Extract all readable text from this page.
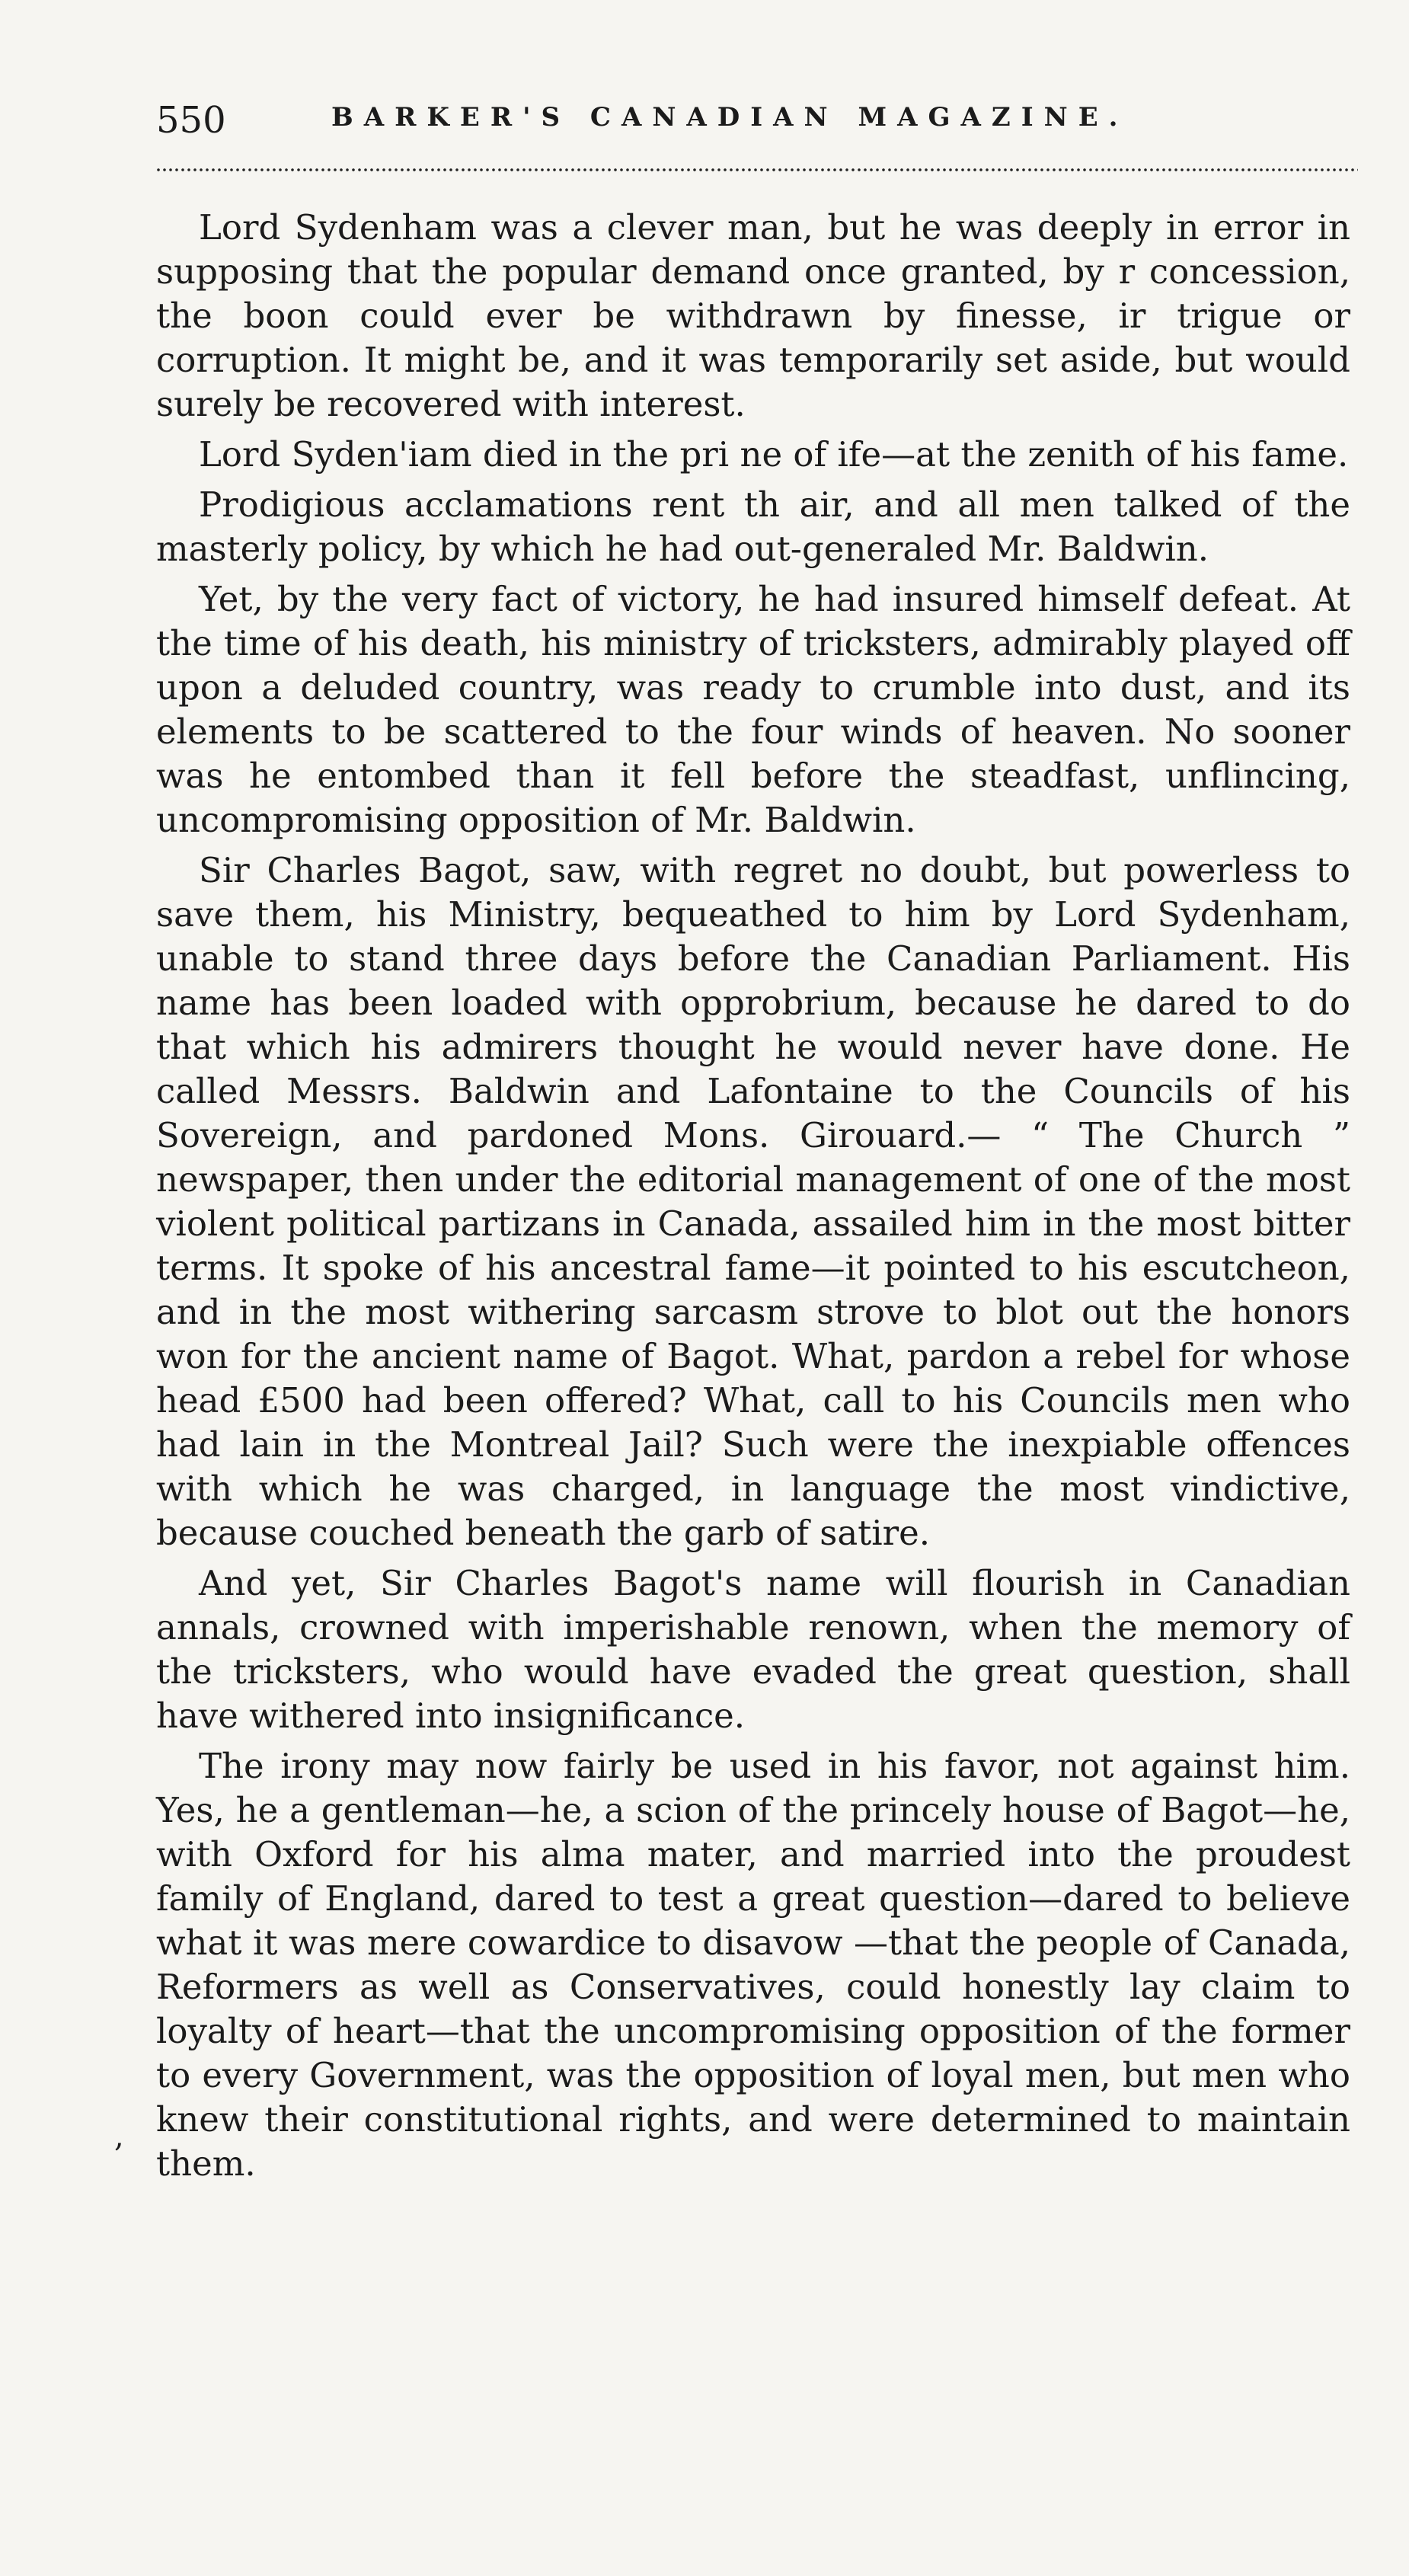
550	BARKER'S CANADIAN MAGAZINE.

Lord Sydenham was a clever man, but he was deeply in error in supposing that the popular demand once granted, by r concession, the boon could ever be withdrawn by finesse, ir trigue or corruption. It might be, and it was temporarily set aside, but would surely be recovered with interest.

Lord Syden'iam died in the pri ne of ife—at the zenith of his fame.

Prodigious acclamations rent th air, and all men talked of the masterly policy, by which he had out-generaled Mr. Baldwin.

Yet, by the very fact of victory, he had insured himself defeat. At the time of his death, his ministry of tricksters, admirably played off upon a deluded country, was ready to crumble into dust, and its elements to be scattered to the four winds of heaven. No sooner was he entombed than it fell before the steadfast, unflincing, uncompromising opposition of Mr. Baldwin.

Sir Charles Bagot, saw, with regret no doubt, but powerless to save them, his Ministry, bequeathed to him by Lord Sydenham, unable to stand three days before the Canadian Parliament. His name has been loaded with opprobrium, because he dared to do that which his admirers thought he would never have done. He called Messrs. Baldwin and Lafontaine to the Councils of his Sovereign, and pardoned Mons. Girouard.— “ The Church ” newspaper, then under the editorial management of one of the most violent political partizans in Canada, assailed him in the most bitter terms. It spoke of his ancestral fame—it pointed to his escutcheon, and in the most withering sarcasm strove to blot out the honors won for the ancient name of Bagot. What, pardon a rebel for whose head £500 had been offered? What, call to his Councils men who had lain in the Montreal Jail? Such were the inexpiable offences with which he was charged, in language the most vindictive, because couched beneath the garb of satire.

And yet, Sir Charles Bagot's name will flourish in Canadian annals, crowned with imperishable renown, when the memory of the tricksters, who would have evaded the great question, shall have withered into insignificance.

The irony may now fairly be used in his favor, not against him. Yes, he a gentleman—he, a scion of the princely house of Bagot—he, with Oxford for his alma mater, and married into the proudest family of England, dared to test a great question—dared to believe what it was mere cowardice to disavow —that the people of Canada, Reformers as well as Conservatives, could honestly lay claim to loyalty of heart—that the uncompromising opposition of the former to every Government, was the opposition of loyal men, but men who knew their constitutional rights, and were determined to maintain them.

,
